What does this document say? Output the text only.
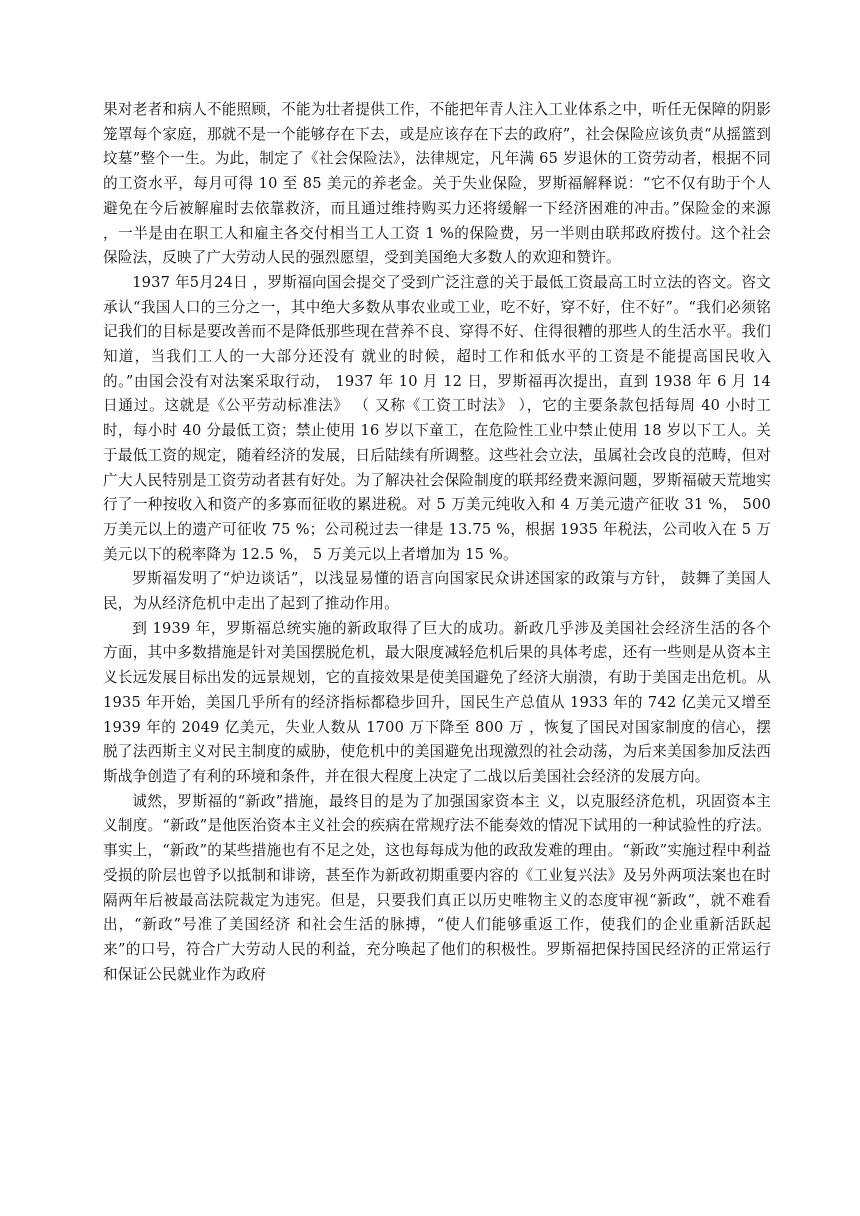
果对老者和病人不能照顾，不能为壮者提供工作，不能把年青人注入工业体系之中，听任无保障的阴影笼罩每个家庭，那就不是一个能够存在下去，或是应该存在下去的政府”，社会保险应该负责“从摇篮到坟墓”整个一生。为此，制定了《社会保险法》，法律规定，凡年满 65 岁退休的工资劳动者，根据不同的工资水平，每月可得 10 至 85 美元的养老金。关于失业保险，罗斯福解释说：“它不仅有助于个人避免在今后被解雇时去依靠救济，而且通过维持购买力还将缓解一下经济困难的冲击。”保险金的来源 ，一半是由在职工人和雇主各交付相当工人工资 1 %的保险费，另一半则由联邦政府拨付。这个社会保险法，反映了广大劳动人民的强烈愿望，受到美国绝大多数人的欢迎和赞许。

1937 年5月24日 ，罗斯福向国会提交了受到广泛注意的关于最低工资最高工时立法的咨文。咨文承认“我国人口的三分之一，其中绝大多数从事农业或工业，吃不好，穿不好，住不好”。“我们必须铭记我们的目标是要改善而不是降低那些现在营养不良、穿得不好、住得很糟的那些人的生活水平。我们知道，当我们工人的一大部分还没有 就业的时候，超时工作和低水平的工资是不能提高国民收入的。”由国会没有对法案采取行动， 1937 年 10 月 12 日，罗斯福再次提出，直到 1938 年 6 月 14 日通过。这就是《公平劳动标准法》 （ 又称《工资工时法》 ），它的主要条款包括每周 40 小时工时，每小时 40 分最低工资；禁止使用 16 岁以下童工，在危险性工业中禁止使用 18 岁以下工人。关 于最低工资的规定，随着经济的发展，日后陆续有所调整。这些社会立法，虽属社会改良的范畴，但对广大人民特别是工资劳动者甚有好处。为了解决社会保险制度的联邦经费来源问题，罗斯福破天荒地实行了一种按收入和资产的多寡而征收的累进税。对 5 万美元纯收入和 4 万美元遗产征收 31 %， 500 万美元以上的遗产可征收 75 %；公司税过去一律是 13.75 %，根据 1935 年税法，公司收入在 5 万美元以下的税率降为 12.5 %， 5 万美元以上者增加为 15 %。

罗斯福发明了“炉边谈话”，以浅显易懂的语言向国家民众讲述国家的政策与方针， 鼓舞了美国人民，为从经济危机中走出了起到了推动作用。

到 1939 年，罗斯福总统实施的新政取得了巨大的成功。新政几乎涉及美国社会经济生活的各个方面，其中多数措施是针对美国摆脱危机，最大限度减轻危机后果的具体考虑，还有一些则是从资本主义长远发展目标出发的远景规划，它的直接效果是使美国避免了经济大崩溃，有助于美国走出危机。从 1935 年开始，美国几乎所有的经济指标都稳步回升，国民生产总值从 1933 年的 742 亿美元又增至 1939 年的 2049 亿美元，失业人数从 1700 万下降至 800 万 ，恢复了国民对国家制度的信心，摆脱了法西斯主义对民主制度的威胁，使危机中的美国避免出现激烈的社会动荡，为后来美国参加反法西斯战争创造了有利的环境和条件，并在很大程度上决定了二战以后美国社会经济的发展方向。

诚然，罗斯福的“新政”措施，最终目的是为了加强国家资本主 义，以克服经济危机，巩固资本主义制度。“新政”是他医治资本主义社会的疾病在常规疗法不能奏效的情况下试用的一种试验性的疗法。事实上，“新政”的某些措施也有不足之处，这也每每成为他的政敌发难的理由。“新政”实施过程中利益受损的阶层也曾予以抵制和诽谤，甚至作为新政初期重要内容的《工业复兴法》及另外两项法案也在时隔两年后被最高法院裁定为违宪。但是，只要我们真正以历史唯物主义的态度审视“新政”，就不难看出，“新政”号准了美国经济 和社会生活的脉搏，“使人们能够重返工作，使我们的企业重新活跃起来”的口号，符合广大劳动人民的利益，充分唤起了他们的积极性。罗斯福把保持国民经济的正常运行和保证公民就业作为政府
